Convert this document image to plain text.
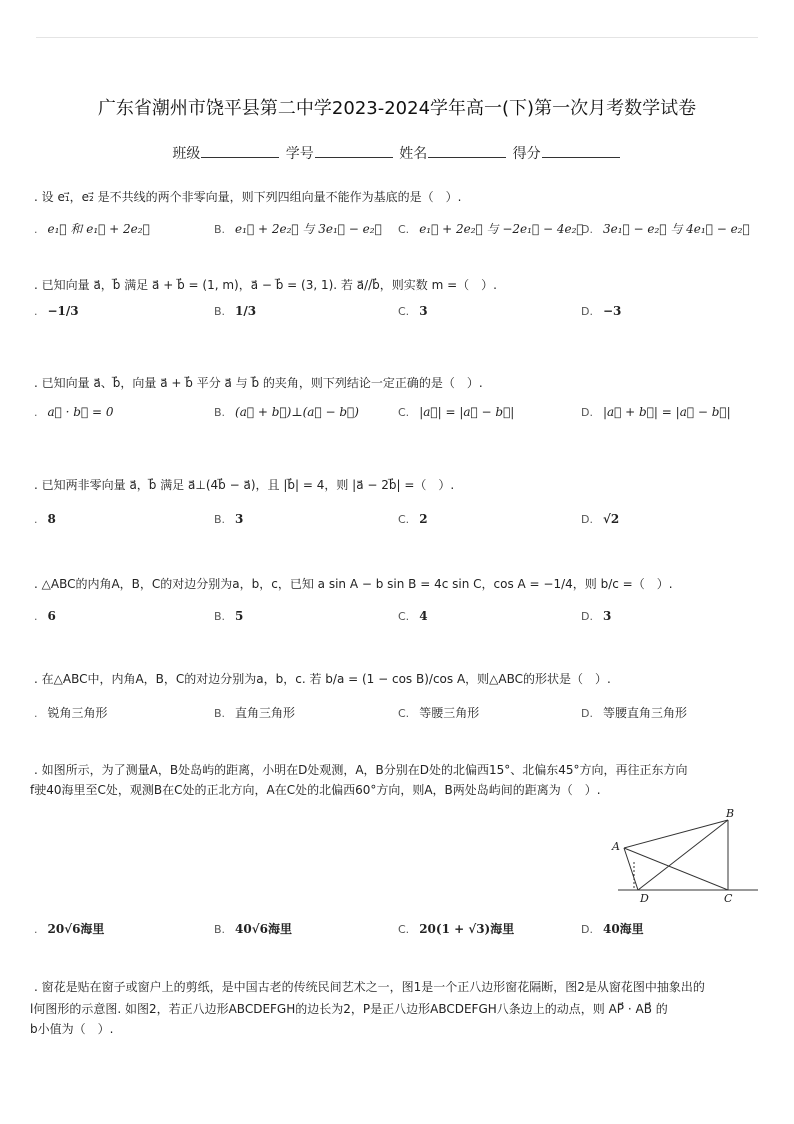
广东省潮州市饶平县第二中学2023-2024学年高一(下)第一次月考数学试卷
班级	学号	姓名	得分
. 设 e₁⃗，e₂⃗ 是不共线的两个非零向量，则下列四组向量不能作为基底的是（　）.
. e₁⃗ 和 e₁⃗ + 2e₂⃗	B. e₁⃗ + 2e₂⃗ 与 3e₁⃗ − e₂⃗ C. e₁⃗ + 2e₂⃗ 与 −2e₁⃗ − 4e₂⃗
D. 3e₁⃗ − e₂⃗ 与 4e₁⃗ − e₂⃗
. 已知向量 a⃗，b⃗ 满足 a⃗ + b⃗ = (1, m)，a⃗ − b⃗ = (3, 1). 若 a⃗//b⃗，则实数 m =（　）.
. −1/3	B. 1/3	C. 3	D. −3
. 已知向量 a⃗、b⃗，向量 a⃗ + b⃗ 平分 a⃗ 与 b⃗ 的夹角，则下列结论一定正确的是（　）.
. a⃗ · b⃗ = 0	B. (a⃗ + b⃗)⊥(a⃗ − b⃗)	C. |a⃗| = |a⃗ − b⃗|	D. |a⃗ + b⃗| = |a⃗ − b⃗|
. 已知两非零向量 a⃗，b⃗ 满足 a⃗⊥(4b⃗ − a⃗)，且 |b⃗| = 4，则 |a⃗ − 2b⃗| =（　）.
. 8	B. 3	C. 2	D. √2
. △ABC的内角A，B，C的对边分别为a，b，c，已知 a sin A − b sin B = 4c sin C，cos A = −1/4，则 b/c =（　）.
. 6	B. 5	C. 4	D. 3
. 在△ABC中，内角A，B，C的对边分别为a，b，c. 若 b/a = (1 − cos B)/cos A，则△ABC的形状是（　）.
. 锐角三角形	B. 直角三角形	C. 等腰三角形	D. 等腰直角三角形
. 如图所示，为了测量A，B处岛屿的距离，小明在D处观测，A，B分别在D处的北偏西15°、北偏东45°方向，再往正东方向
f驶40海里至C处，观测B在C处的正北方向，A在C处的北偏西60°方向，则A，B两处岛屿间的距离为（　）.
A
B
C
D
. 20√6海里	B. 40√6海里	C. 20(1 + √3)海里	D. 40海里
. 窗花是贴在窗子或窗户上的剪纸，是中国古老的传统民间艺术之一，图1是一个正八边形窗花隔断，图2是从窗花图中抽象出的
l何图形的示意图. 如图2，若正八边形ABCDEFGH的边长为2，P是正八边形ABCDEFGH八条边上的动点，则 AP⃗ · AB⃗ 的
b小值为（　）.
